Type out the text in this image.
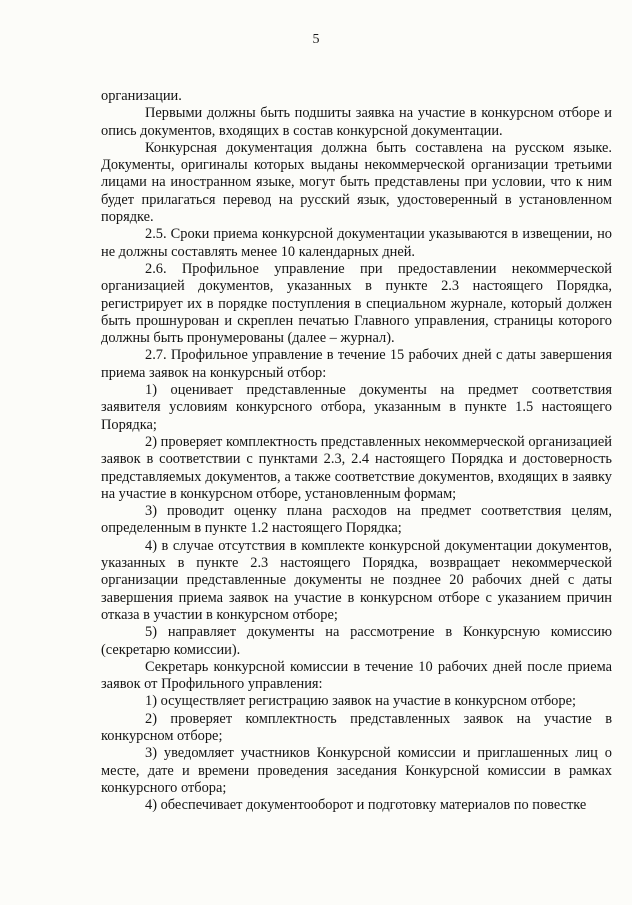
5

организации.

Первыми должны быть подшиты заявка на участие в конкурсном отборе и опись документов, входящих в состав конкурсной документации.

Конкурсная документация должна быть составлена на русском языке. Документы, оригиналы которых выданы некоммерческой организации третьими лицами на иностранном языке, могут быть представлены при условии, что к ним будет прилагаться перевод на русский язык, удостоверенный в установленном порядке.

2.5. Сроки приема конкурсной документации указываются в извещении, но не должны составлять менее 10 календарных дней.

2.6. Профильное управление при предоставлении некоммерческой организацией документов, указанных в пункте 2.3 настоящего Порядка, регистрирует их в порядке поступления в специальном журнале, который должен быть прошнурован и скреплен печатью Главного управления, страницы которого должны быть пронумерованы (далее – журнал).

2.7. Профильное управление в течение 15 рабочих дней с даты завершения приема заявок на конкурсный отбор:

1) оценивает представленные документы на предмет соответствия заявителя условиям конкурсного отбора, указанным в пункте 1.5 настоящего Порядка;

2) проверяет комплектность представленных некоммерческой организацией заявок в соответствии с пунктами 2.3, 2.4 настоящего Порядка и достоверность представляемых документов, а также соответствие документов, входящих в заявку на участие в конкурсном отборе, установленным формам;

3) проводит оценку плана расходов на предмет соответствия целям, определенным в пункте 1.2 настоящего Порядка;

4) в случае отсутствия в комплекте конкурсной документации документов, указанных в пункте 2.3 настоящего Порядка, возвращает некоммерческой организации представленные документы не позднее 20 рабочих дней с даты завершения приема заявок на участие в конкурсном отборе с указанием причин отказа в участии в конкурсном отборе;

5) направляет документы на рассмотрение в Конкурсную комиссию (секретарю комиссии).

Секретарь конкурсной комиссии в течение 10 рабочих дней после приема заявок от Профильного управления:

1) осуществляет регистрацию заявок на участие в конкурсном отборе;

2) проверяет комплектность представленных заявок на участие в конкурсном отборе;

3) уведомляет участников Конкурсной комиссии и приглашенных лиц о месте, дате и времени проведения заседания Конкурсной комиссии в рамках конкурсного отбора;

4) обеспечивает документооборот и подготовку материалов по повестке
